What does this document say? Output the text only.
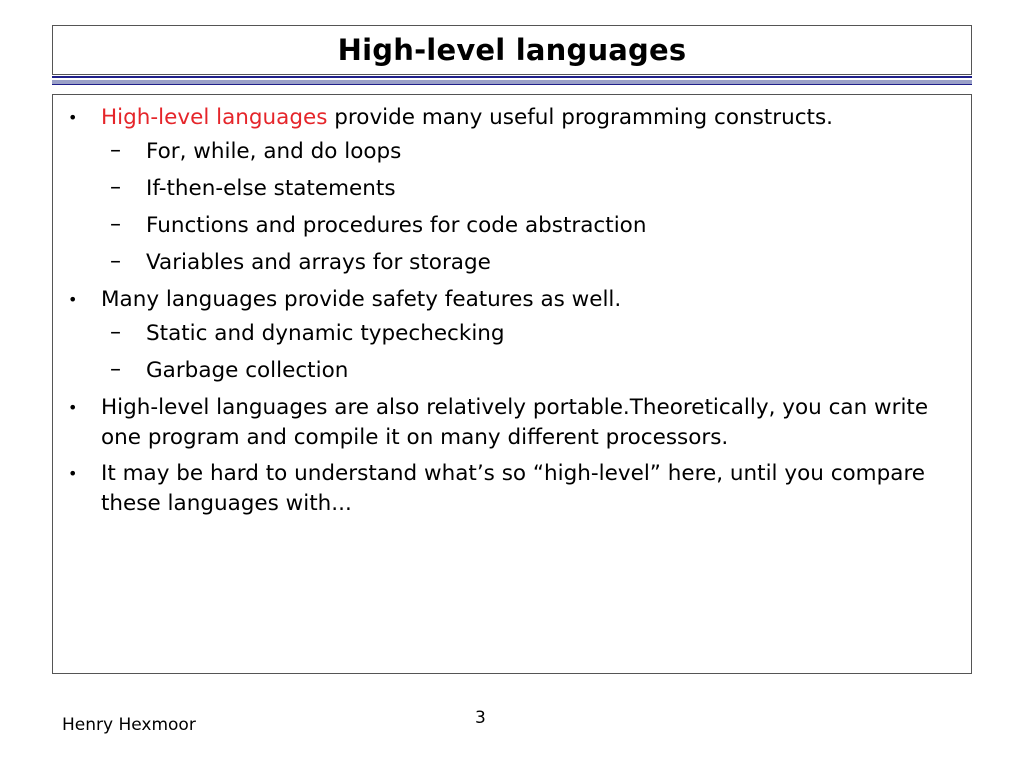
High-level languages
• High-level languages provide many useful programming constructs.
– For, while, and do loops
– If-then-else statements
– Functions and procedures for code abstraction
– Variables and arrays for storage
• Many languages provide safety features as well.
– Static and dynamic typechecking
– Garbage collection
• High-level languages are also relatively portable.Theoretically, you can write one program and compile it on many different processors.
• It may be hard to understand what’s so “high-level” here, until you compare these languages with...
Henry Hexmoor	3
